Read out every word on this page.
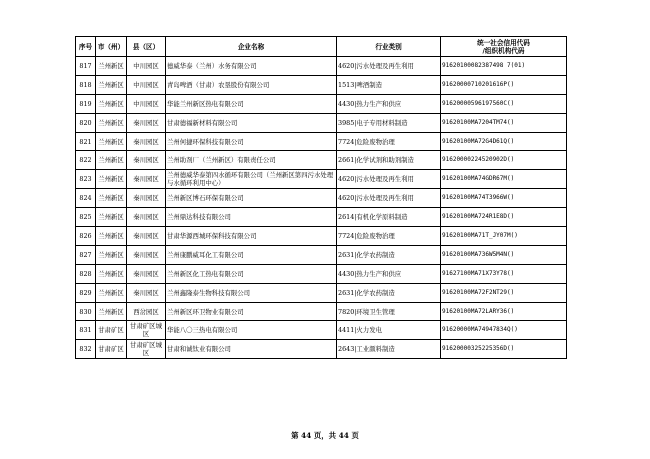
序号	市（州）	县（区）	企业名称	行业类别	统一社会信用代码
/组织机构代码
817	兰州新区	中川园区	德威华泰（兰州）水务有限公司	4620|污水处理及再生利用	91620100082387498 7(01)
818	兰州新区	中川园区	青岛啤酒（甘肃）农垦股份有限公司	1513|啤酒制造	91620000710201616P()
819	兰州新区	中川园区	华能兰州新区热电有限公司	4430|热力生产和供应	91620000596197560C()
820	兰州新区	秦川园区	甘肃德福新材料有限公司	3985|电子专用材料制造	91620100MA7204TM74()
821	兰州新区	秦川园区	兰州何捷环保科技有限公司	7724|危险废物治理	91620100MA72G4D61Q()
822	兰州新区	秦川园区	兰州助剂厂（兰州新区）有限责任公司	2661|化学试剂和助剂制造	91620000224520902D()
823	兰州新区	秦川园区	兰州德威华泰第四水循环有限公司（兰州新区第四污水处理与水循环利用中心）	4620|污水处理及再生利用	91620100MA74GDR67M()
824	兰州新区	秦川园区	兰州新区博石环保有限公司	4620|污水处理及再生利用	91620100MA74T3966W()
825	兰州新区	秦川园区	兰州鼎达科技有限公司	2614|有机化学原料制造	91620100MA724R1E8D()
826	兰州新区	秦川园区	甘肃华源西城环保科技有限公司	7724|危险废物治理	91620100MA71T_JY07M()
827	兰州新区	秦川园区	兰州康鹏威耳化工有限公司	2631|化学农药制造	91620100MA736W5M4N()
828	兰州新区	秦川园区	兰州新区化工热电有限公司	4430|热力生产和供应	91627100MA71X73Y78()
829	兰州新区	秦川园区	兰州鑫隆泰生物科技有限公司	2631|化学农药制造	91620100MA72F2NT29()
830	兰州新区	西岔园区	兰州新区环卫物业有限公司	7820|环境卫生管理	91620100MA72LARY36()
831	甘肃矿区	甘肃矿区城区	华能八〇三热电有限公司	4411|火力发电	91620000MA74947834Q()
832	甘肃矿区	甘肃矿区城区	甘肃和诚钛业有限公司	2643|工业颜料制造	91620000325225356D()
第 44 页，共 44 页
